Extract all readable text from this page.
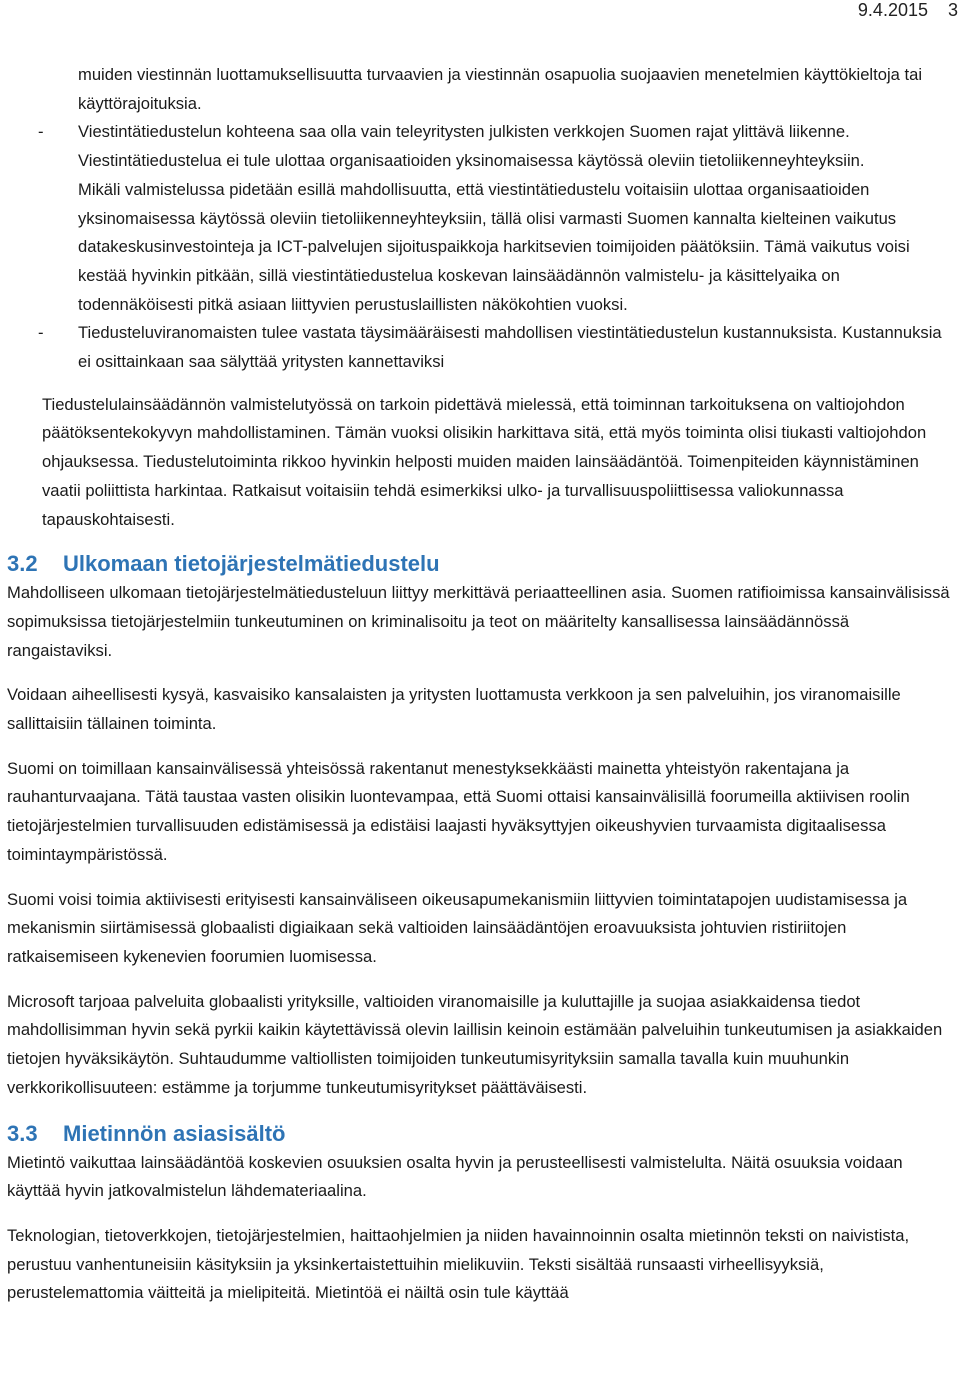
9.4.2015 3

muiden viestinnän luottamuksellisuutta turvaavien ja viestinnän osapuolia suojaavien menetelmien käyttökieltoja tai käyttörajoituksia.

- Viestintätiedustelun kohteena saa olla vain teleyritysten julkisten verkkojen Suomen rajat ylittävä liikenne. Viestintätiedustelua ei tule ulottaa organisaatioiden yksinomaisessa käytössä oleviin tietoliikenneyhteyksiin.

Mikäli valmistelussa pidetään esillä mahdollisuutta, että viestintätiedustelu voitaisiin ulottaa organisaatioiden yksinomaisessa käytössä oleviin tietoliikenneyhteyksiin, tällä olisi varmasti Suomen kannalta kielteinen vaikutus datakeskusinvestointeja ja ICT-palvelujen sijoituspaikkoja harkitsevien toimijoiden päätöksiin. Tämä vaikutus voisi kestää hyvinkin pitkään, sillä viestintätiedustelua koskevan lainsäädännön valmistelu- ja käsittelyaika on todennäköisesti pitkä asiaan liittyvien perustuslaillisten näkökohtien vuoksi.

- Tiedusteluviranomaisten tulee vastata täysimääräisesti mahdollisen viestintätiedustelun kustannuksista. Kustannuksia ei osittainkaan saa sälyttää yritysten kannettaviksi

Tiedustelulainsäädännön valmistelutyössä on tarkoin pidettävä mielessä, että toiminnan tarkoituksena on valtiojohdon päätöksentekokyvyn mahdollistaminen. Tämän vuoksi olisikin harkittava sitä, että myös toiminta olisi tiukasti valtiojohdon ohjauksessa. Tiedustelutoiminta rikkoo hyvinkin helposti muiden maiden lainsäädäntöä. Toimenpiteiden käynnistäminen vaatii poliittista harkintaa. Ratkaisut voitaisiin tehdä esimerkiksi ulko- ja turvallisuuspoliittisessa valiokunnassa tapauskohtaisesti.

3.2 Ulkomaan tietojärjestelmätiedustelu

Mahdolliseen ulkomaan tietojärjestelmätiedusteluun liittyy merkittävä periaatteellinen asia. Suomen ratifioimissa kansainvälisissä sopimuksissa tietojärjestelmiin tunkeutuminen on kriminalisoitu ja teot on määritelty kansallisessa lainsäädännössä rangaistaviksi.

Voidaan aiheellisesti kysyä, kasvaisiko kansalaisten ja yritysten luottamusta verkkoon ja sen palveluihin, jos viranomaisille sallittaisiin tällainen toiminta.

Suomi on toimillaan kansainvälisessä yhteisössä rakentanut menestyksekkäästi mainetta yhteistyön rakentajana ja rauhanturvaajana. Tätä taustaa vasten olisikin luontevampaa, että Suomi ottaisi kansainvälisillä foorumeilla aktiivisen roolin tietojärjestelmien turvallisuuden edistämisessä ja edistäisi laajasti hyväksyttyjen oikeushyvien turvaamista digitaalisessa toimintaympäristössä.

Suomi voisi toimia aktiivisesti erityisesti kansainväliseen oikeusapumekanismiin liittyvien toimintatapojen uudistamisessa ja mekanismin siirtämisessä globaalisti digiaikaan sekä valtioiden lainsäädäntöjen eroavuuksista johtuvien ristiriitojen ratkaisemiseen kykenevien foorumien luomisessa.

Microsoft tarjoaa palveluita globaalisti yrityksille, valtioiden viranomaisille ja kuluttajille ja suojaa asiakkaidensa tiedot mahdollisimman hyvin sekä pyrkii kaikin käytettävissä olevin laillisin keinoin estämään palveluihin tunkeutumisen ja asiakkaiden tietojen hyväksikäytön. Suhtaudumme valtiollisten toimijoiden tunkeutumisyrityksiin samalla tavalla kuin muuhunkin verkkorikollisuuteen: estämme ja torjumme tunkeutumisyritykset päättäväisesti.

3.3 Mietinnön asiasisältö

Mietintö vaikuttaa lainsäädäntöä koskevien osuuksien osalta hyvin ja perusteellisesti valmistelulta. Näitä osuuksia voidaan käyttää hyvin jatkovalmistelun lähdemateriaalina.

Teknologian, tietoverkkojen, tietojärjestelmien, haittaohjelmien ja niiden havainnoinnin osalta mietinnön teksti on naivistista, perustuu vanhentuneisiin käsityksiin ja yksinkertaistettuihin mielikuviin. Teksti sisältää runsaasti virheellisyyksiä, perustelemattomia väitteitä ja mielipiteitä. Mietintöä ei näiltä osin tule käyttää
